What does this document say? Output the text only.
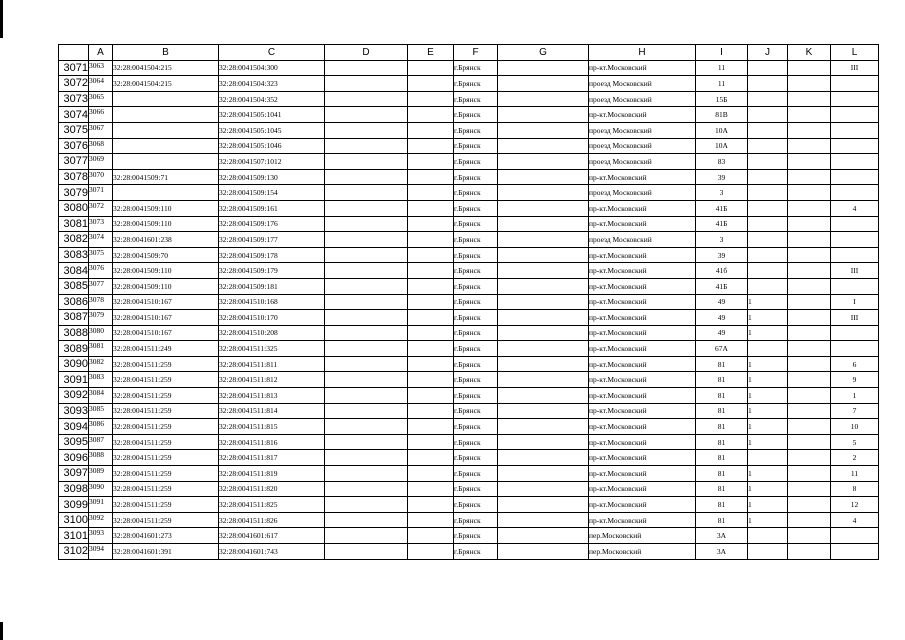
	A	B	C	D	E	F	G	H	I	J	K	L
3071	3063	32:28:0041504:215	32:28:0041504:300			г.Брянск		пр-кт.Московский	11			III
3072	3064	32:28:0041504:215	32:28:0041504:323			г.Брянск		проезд Московский	11			
3073	3065		32:28:0041504:352			г.Брянск		проезд Московский	15Б			
3074	3066		32:28:0041505:1041			г.Брянск		пр-кт.Московский	81В			
3075	3067		32:28:0041505:1045			г.Брянск		проезд Московский	10А			
3076	3068		32:28:0041505:1046			г.Брянск		проезд Московский	10А			
3077	3069		32:28:0041507:1012			г.Брянск		проезд Московский	83			
3078	3070	32:28:0041509:71	32:28:0041509:130			г.Брянск		пр-кт.Московский	39			
3079	3071		32:28:0041509:154			г.Брянск		проезд Московский	3			
3080	3072	32:28:0041509:110	32:28:0041509:161			г.Брянск		пр-кт.Московский	41Б			4
3081	3073	32:28:0041509:110	32:28:0041509:176			г.Брянск		пр-кт.Московский	41Б			
3082	3074	32:28:0041601:238	32:28:0041509:177			г.Брянск		проезд Московский	3			
3083	3075	32:28:0041509:70	32:28:0041509:178			г.Брянск		пр-кт.Московский	39			
3084	3076	32:28:0041509:110	32:28:0041509:179			г.Брянск		пр-кт.Московский	41б			III
3085	3077	32:28:0041509:110	32:28:0041509:181			г.Брянск		пр-кт.Московский	41Б			
3086	3078	32:28:0041510:167	32:28:0041510:168			г.Брянск		пр-кт.Московский	49	1		I
3087	3079	32:28:0041510:167	32:28:0041510:170			г.Брянск		пр-кт.Московский	49	1		III
3088	3080	32:28:0041510:167	32:28:0041510:208			г.Брянск		пр-кт.Московский	49	1		
3089	3081	32:28:0041511:249	32:28:0041511:325			г.Брянск		пр-кт.Московский	67А			
3090	3082	32:28:0041511:259	32:28:0041511:811			г.Брянск		пр-кт.Московский	81	1		6
3091	3083	32:28:0041511:259	32:28:0041511:812			г.Брянск		пр-кт.Московский	81	1		9
3092	3084	32:28:0041511:259	32:28:0041511:813			г.Брянск		пр-кт.Московский	81	1		1
3093	3085	32:28:0041511:259	32:28:0041511:814			г.Брянск		пр-кт.Московский	81	1		7
3094	3086	32:28:0041511:259	32:28:0041511:815			г.Брянск		пр-кт.Московский	81	1		10
3095	3087	32:28:0041511:259	32:28:0041511:816			г.Брянск		пр-кт.Московский	81	1		5
3096	3088	32:28:0041511:259	32:28:0041511:817			г.Брянск		пр-кт.Московский	81			2
3097	3089	32:28:0041511:259	32:28:0041511:819			г.Брянск		пр-кт.Московский	81	1		11
3098	3090	32:28:0041511:259	32:28:0041511:820			г.Брянск		пр-кт.Московский	81	1		8
3099	3091	32:28:0041511:259	32:28:0041511:825			г.Брянск		пр-кт.Московский	81	1		12
3100	3092	32:28:0041511:259	32:28:0041511:826			г.Брянск		пр-кт.Московский	81	1		4
3101	3093	32:28:0041601:273	32:28:0041601:617			г.Брянск		пер.Московский	3А			
3102	3094	32:28:0041601:391	32:28:0041601:743			г.Брянск		пер.Московский	3А			
